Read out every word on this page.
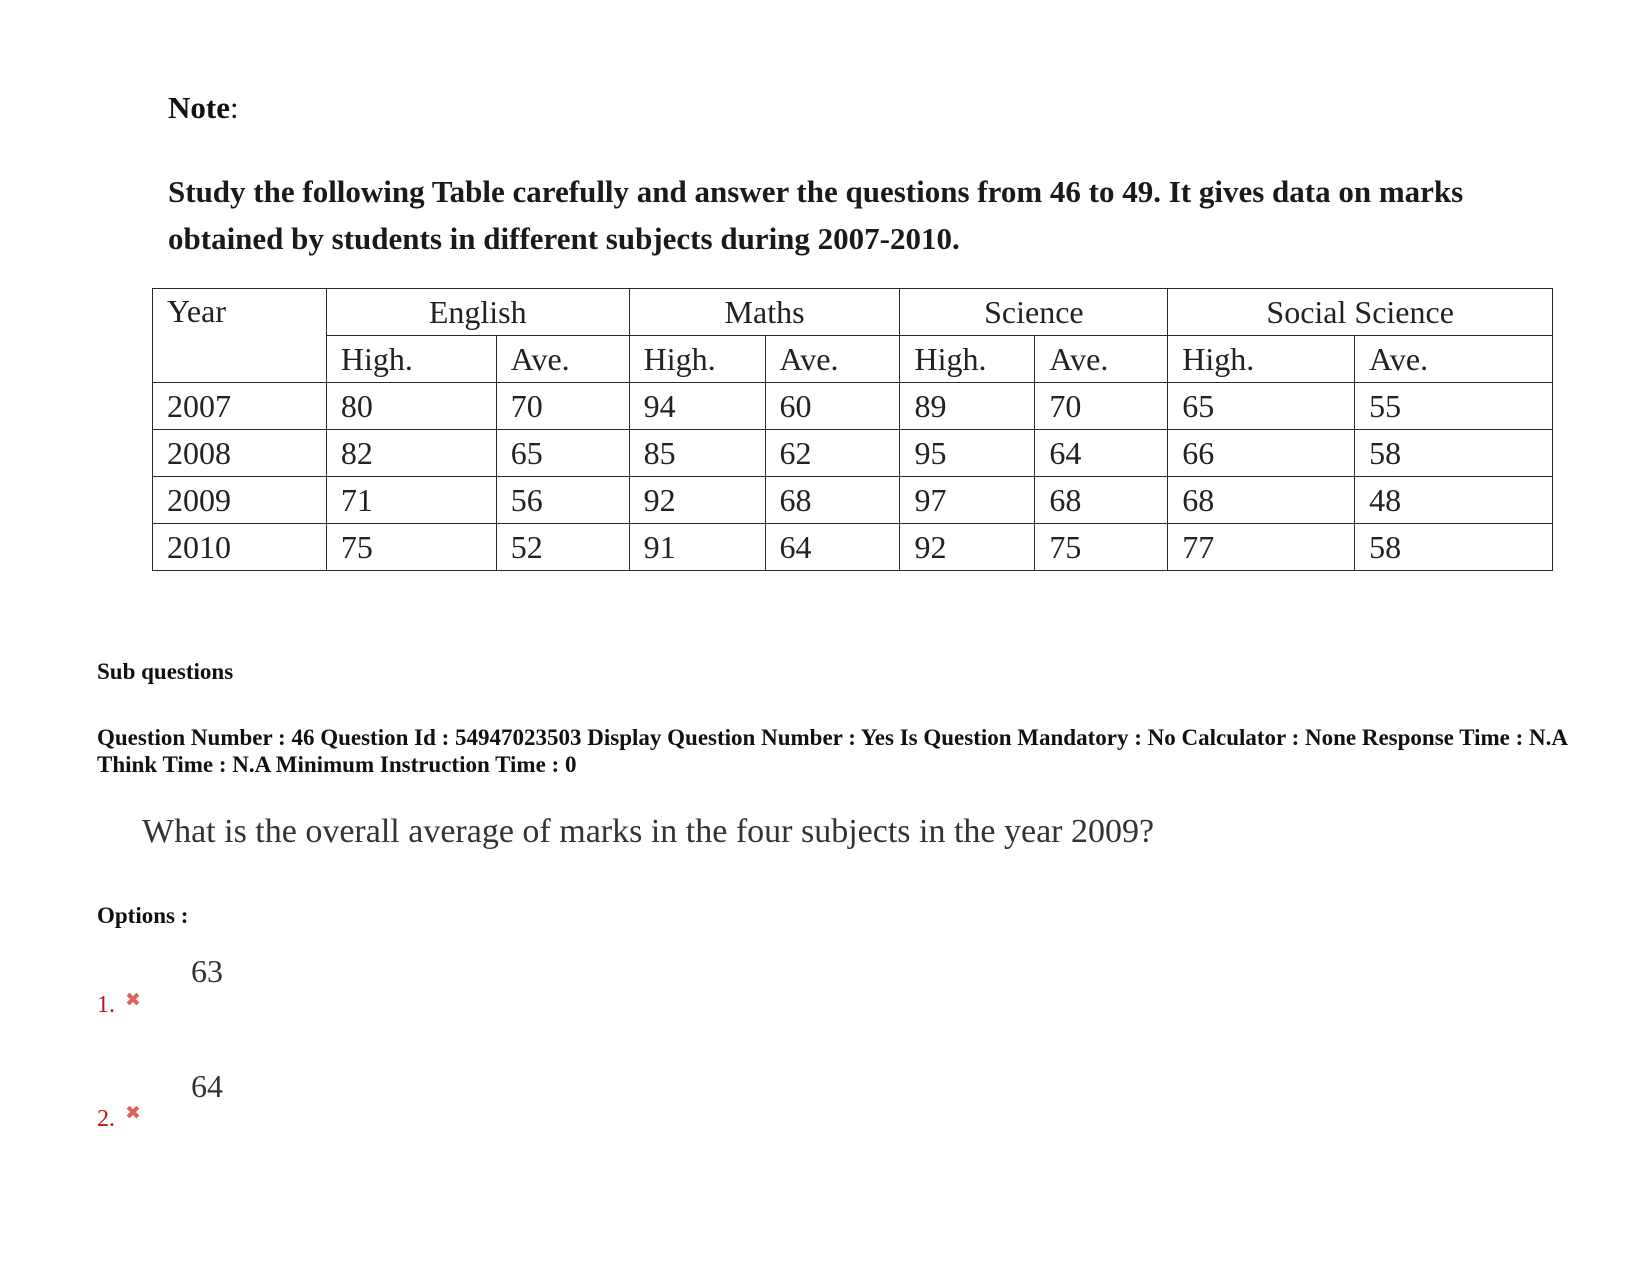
Note:

Study the following Table carefully and answer the questions from 46 to 49. It gives data on marks obtained by students in different subjects during 2007-2010.

Year	English		Maths		Science		Social Science	
	High.	Ave.	High.	Ave.	High.	Ave.	High.	Ave.
2007	80	70	94	60	89	70	65	55
2008	82	65	85	62	95	64	66	58
2009	71	56	92	68	97	68	68	48
2010	75	52	91	64	92	75	77	58

Sub questions

Question Number : 46 Question Id : 54947023503 Display Question Number : Yes Is Question Mandatory : No Calculator : None Response Time : N.A Think Time : N.A Minimum Instruction Time : 0

What is the overall average of marks in the four subjects in the year 2009?

Options :

1. ✖
63
2. ✖
64
